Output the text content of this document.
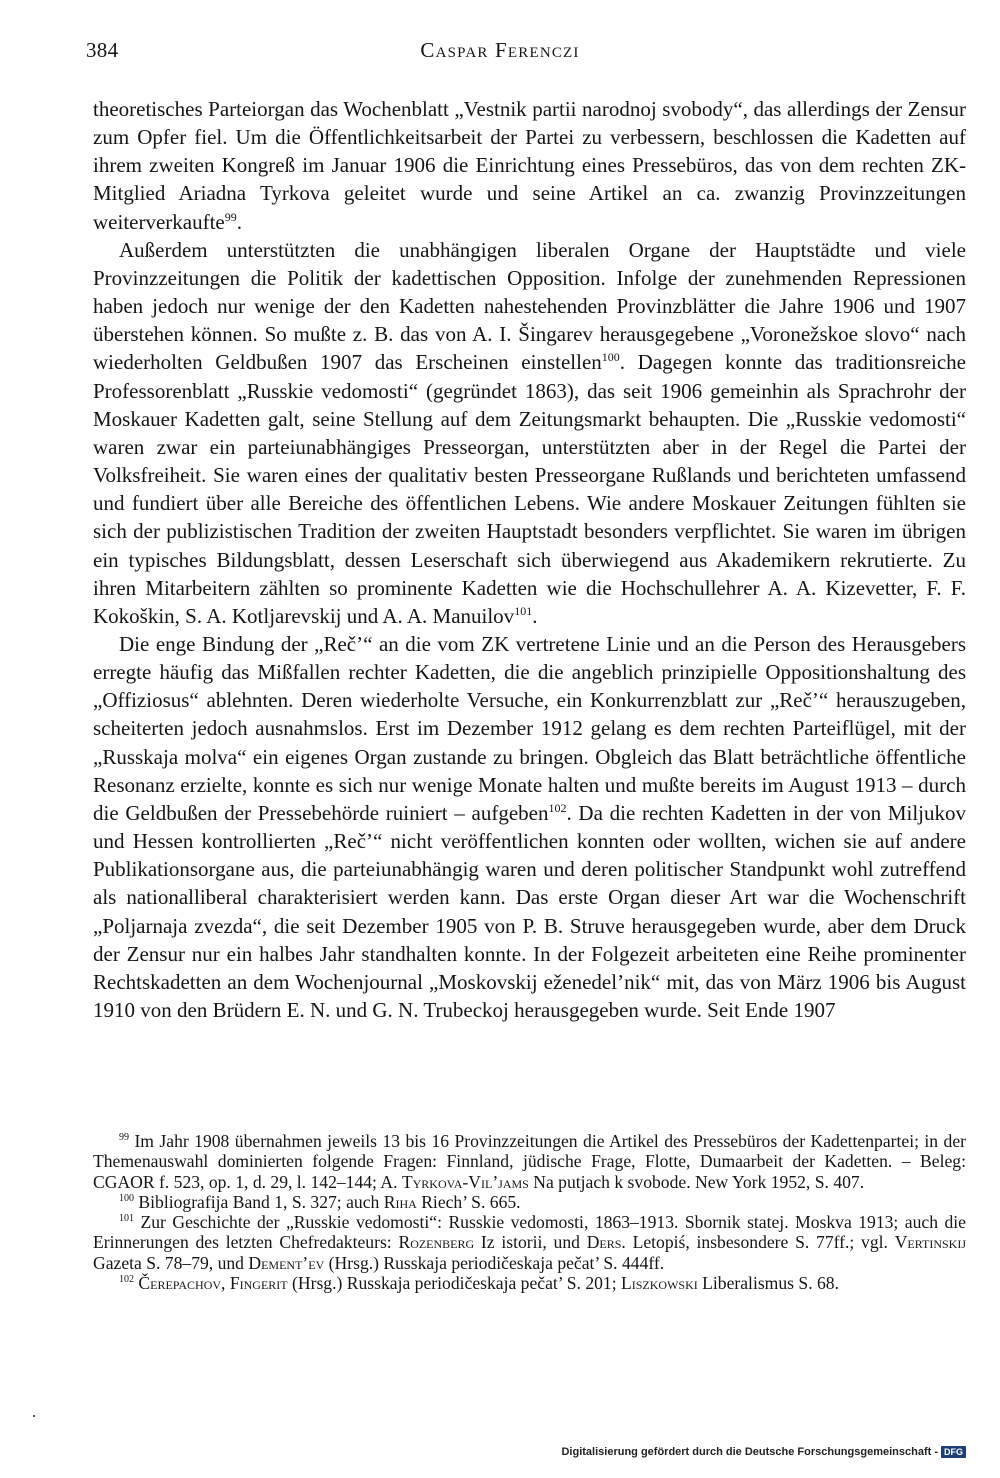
384	Caspar Ferenczi

theoretisches Parteiorgan das Wochenblatt „Vestnik partii narodnoj svobody“, das allerdings der Zensur zum Opfer fiel. Um die Öffentlichkeitsarbeit der Partei zu verbessern, beschlossen die Kadetten auf ihrem zweiten Kongreß im Januar 1906 die Einrichtung eines Pressebüros, das von dem rechten ZK-Mitglied Ariadna Tyrkova geleitet wurde und seine Artikel an ca. zwanzig Provinzzeitungen weiterverkaufte$^{99}$.

Außerdem unterstützten die unabhängigen liberalen Organe der Hauptstädte und viele Provinzzeitungen die Politik der kadettischen Opposition. Infolge der zunehmenden Repressionen haben jedoch nur wenige der den Kadetten nahestehenden Provinzblätter die Jahre 1906 und 1907 überstehen können. So mußte z. B. das von A. I. Šingarev herausgegebene „Voronežskoe slovo“ nach wiederholten Geldbußen 1907 das Erscheinen einstellen$^{100}$. Dagegen konnte das traditionsreiche Professorenblatt „Russkie vedomosti“ (gegründet 1863), das seit 1906 gemeinhin als Sprachrohr der Moskauer Kadetten galt, seine Stellung auf dem Zeitungsmarkt behaupten. Die „Russkie vedomosti“ waren zwar ein parteiunabhängiges Presseorgan, unterstützten aber in der Regel die Partei der Volksfreiheit. Sie waren eines der qualitativ besten Presseorgane Rußlands und berichteten umfassend und fundiert über alle Bereiche des öffentlichen Lebens. Wie andere Moskauer Zeitungen fühlten sie sich der publizistischen Tradition der zweiten Hauptstadt besonders verpflichtet. Sie waren im übrigen ein typisches Bildungsblatt, dessen Leserschaft sich überwiegend aus Akademikern rekrutierte. Zu ihren Mitarbeitern zählten so prominente Kadetten wie die Hochschullehrer A. A. Kizevetter, F. F. Kokoškin, S. A. Kotljarevskij und A. A. Manuilov$^{101}$.

Die enge Bindung der „Reč’“ an die vom ZK vertretene Linie und an die Person des Herausgebers erregte häufig das Mißfallen rechter Kadetten, die die angeblich prinzipielle Oppositionshaltung des „Offiziosus“ ablehnten. Deren wiederholte Versuche, ein Konkurrenzblatt zur „Reč’“ herauszugeben, scheiterten jedoch ausnahmslos. Erst im Dezember 1912 gelang es dem rechten Parteiflügel, mit der „Russkaja molva“ ein eigenes Organ zustande zu bringen. Obgleich das Blatt beträchtliche öffentliche Resonanz erzielte, konnte es sich nur wenige Monate halten und mußte bereits im August 1913 – durch die Geldbußen der Pressebehörde ruiniert – aufgeben$^{102}$. Da die rechten Kadetten in der von Miljukov und Hessen kontrollierten „Reč’“ nicht veröffentlichen konnten oder wollten, wichen sie auf andere Publikationsorgane aus, die parteiunabhängig waren und deren politischer Standpunkt wohl zutreffend als nationalliberal charakterisiert werden kann. Das erste Organ dieser Art war die Wochenschrift „Poljarnaja zvezda“, die seit Dezember 1905 von P. B. Struve herausgegeben wurde, aber dem Druck der Zensur nur ein halbes Jahr standhalten konnte. In der Folgezeit arbeiteten eine Reihe prominenter Rechtskadetten an dem Wochenjournal „Moskovskij eženedel’nik“ mit, das von März 1906 bis August 1910 von den Brüdern E. N. und G. N. Trubeckoj herausgegeben wurde. Seit Ende 1907

$^{99}$ Im Jahr 1908 übernahmen jeweils 13 bis 16 Provinzzeitungen die Artikel des Pressebüros der Kadettenpartei; in der Themenauswahl dominierten folgende Fragen: Finnland, jüdische Frage, Flotte, Dumaarbeit der Kadetten. – Beleg: CGAOR f. 523, op. 1, d. 29, l. 142–144; A. Tyrkova-Vil’jams Na putjach k svobode. New York 1952, S. 407.

$^{100}$ Bibliografija Band 1, S. 327; auch Riha Riech’ S. 665.

$^{101}$ Zur Geschichte der „Russkie vedomosti“: Russkie vedomosti, 1863–1913. Sbornik statej. Moskva 1913; auch die Erinnerungen des letzten Chefredakteurs: Rozenberg Iz istorii, und Ders. Letopiś, insbesondere S. 77ff.; vgl. Vertinskij Gazeta S. 78–79, und Dement’ev (Hrsg.) Russkaja periodičeskaja pečat’ S. 444ff.

$^{102}$ Čerepachov, Fingerit (Hrsg.) Russkaja periodičeskaja pečat’ S. 201; Liszkowski Liberalismus S. 68.

Digitalisierung gefördert durch die Deutsche Forschungsgemeinschaft - DFG
